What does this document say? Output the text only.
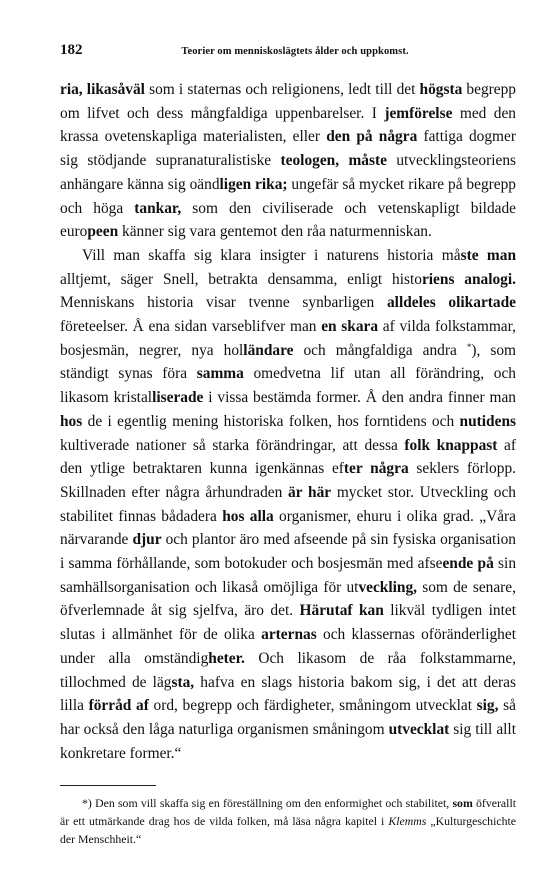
182	Teorier om menniskoslägtets ålder och uppkomst.

ria, likasåväl som i staternas och religionens, ledt till det högsta begrepp om lifvet och dess mångfaldiga uppenbarelser. I jemförelse med den krassa ovetenskapliga materialisten, eller den på några fattiga dogmer sig stödjande supranaturalistiske teologen, måste utvecklingsteoriens anhängare känna sig oändligen rika; ungefär så mycket rikare på begrepp och höga tankar, som den civiliserade och vetenskapligt bildade europeen känner sig vara gentemot den råa naturmenniskan.

Vill man skaffa sig klara insigter i naturens historia måste man alltjemt, säger Snell, betrakta densamma, enligt historiens analogi. Menniskans historia visar tvenne synbarligen alldeles olikartade företeelser. Å ena sidan varseblifver man en skara af vilda folkstammar, bosjesmän, negrer, nya holländare och mångfaldiga andra *), som ständigt synas föra samma omedvetna lif utan all förändring, och likasom kristalliserade i vissa bestämda former. Å den andra finner man hos de i egentlig mening historiska folken, hos forntidens och nutidens kultiverade nationer så starka förändringar, att dessa folk knappast af den ytlige betraktaren kunna igenkännas efter några seklers förlopp. Skillnaden efter några århundraden är här mycket stor. Utveckling och stabilitet finnas bådadera hos alla organismer, ehuru i olika grad. „Våra närvarande djur och plantor äro med afseende på sin fysiska organisation i samma förhållande, som botokuder och bosjesmän med afseende på sin samhällsorganisation och likaså omöjliga för utveckling, som de senare, öfverlemnade åt sig sjelfva, äro det. Härutaf kan likväl tydligen intet slutas i allmänhet för de olika arternas och klassernas oföränderlighet under alla omständigheter. Och likasom de råa folkstammarne, tillochmed de lägsta, hafva en slags historia bakom sig, i det att deras lilla förråd af ord, begrepp och färdigheter, småningom utvecklat sig, så har också den låga naturliga organismen småningom utvecklat sig till allt konkretare former.“

*) Den som vill skaffa sig en föreställning om den enformighet och stabilitet, som öfverallt är ett utmärkande drag hos de vilda folken, må läsa några kapitel i Klemms „Kulturgeschichte der Menschheit.“
